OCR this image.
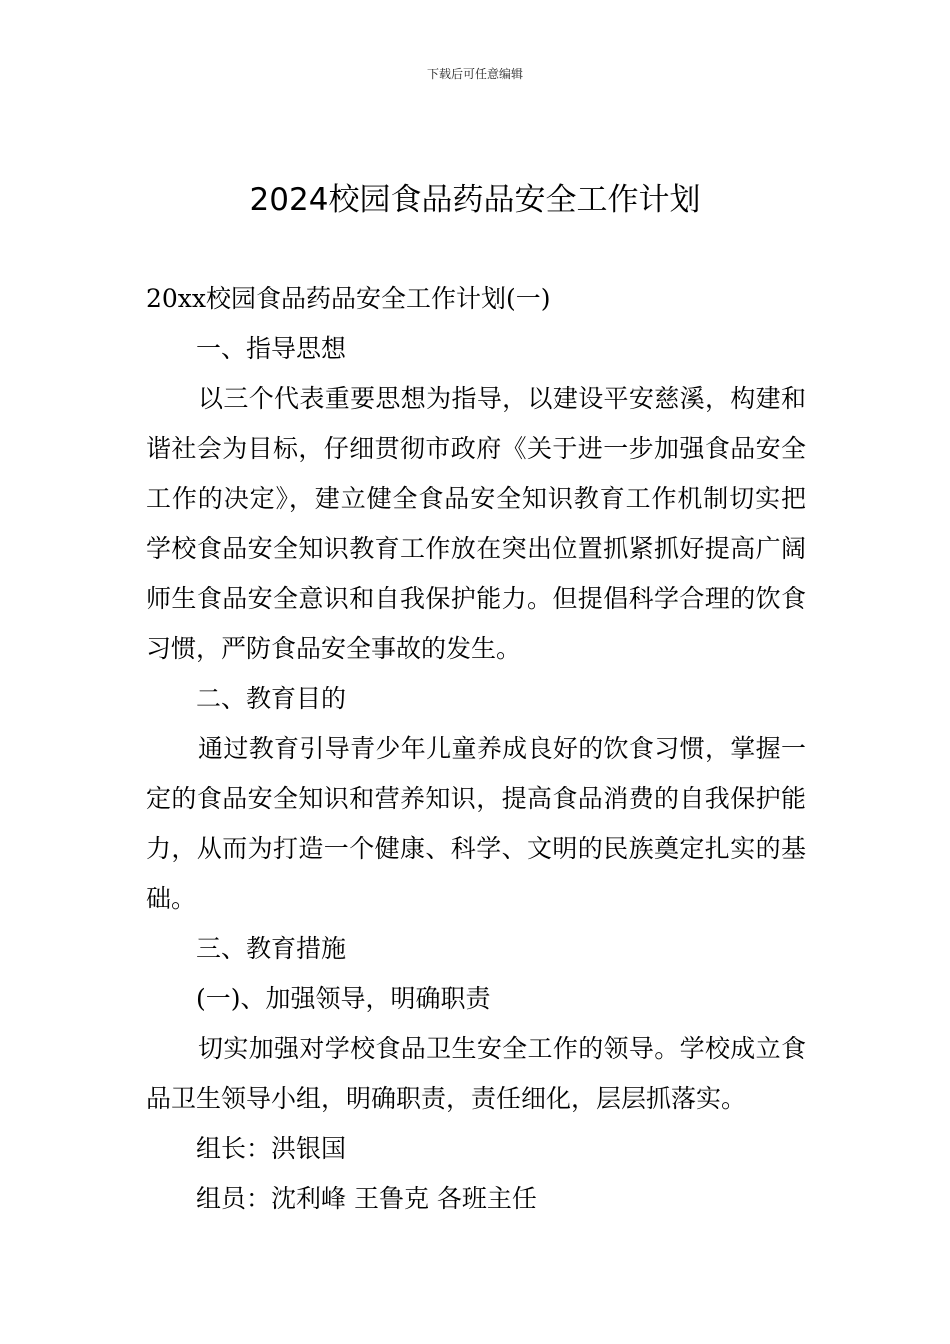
下载后可任意编辑
2024校园食品药品安全工作计划

20xx校园食品药品安全工作计划(一)

一、指导思想

以三个代表重要思想为指导，以建设平安慈溪，构建和谐社会为目标，仔细贯彻市政府《关于进一步加强食品安全工作的决定》，建立健全食品安全知识教育工作机制切实把学校食品安全知识教育工作放在突出位置抓紧抓好提高广阔师生食品安全意识和自我保护能力。但提倡科学合理的饮食习惯，严防食品安全事故的发生。

二、教育目的

通过教育引导青少年儿童养成良好的饮食习惯，掌握一定的食品安全知识和营养知识，提高食品消费的自我保护能力，从而为打造一个健康、科学、文明的民族奠定扎实的基础。

三、教育措施

(一)、加强领导，明确职责

切实加强对学校食品卫生安全工作的领导。学校成立食品卫生领导小组，明确职责，责任细化，层层抓落实。

组长：洪银国

组员：沈利峰 王鲁克 各班主任
